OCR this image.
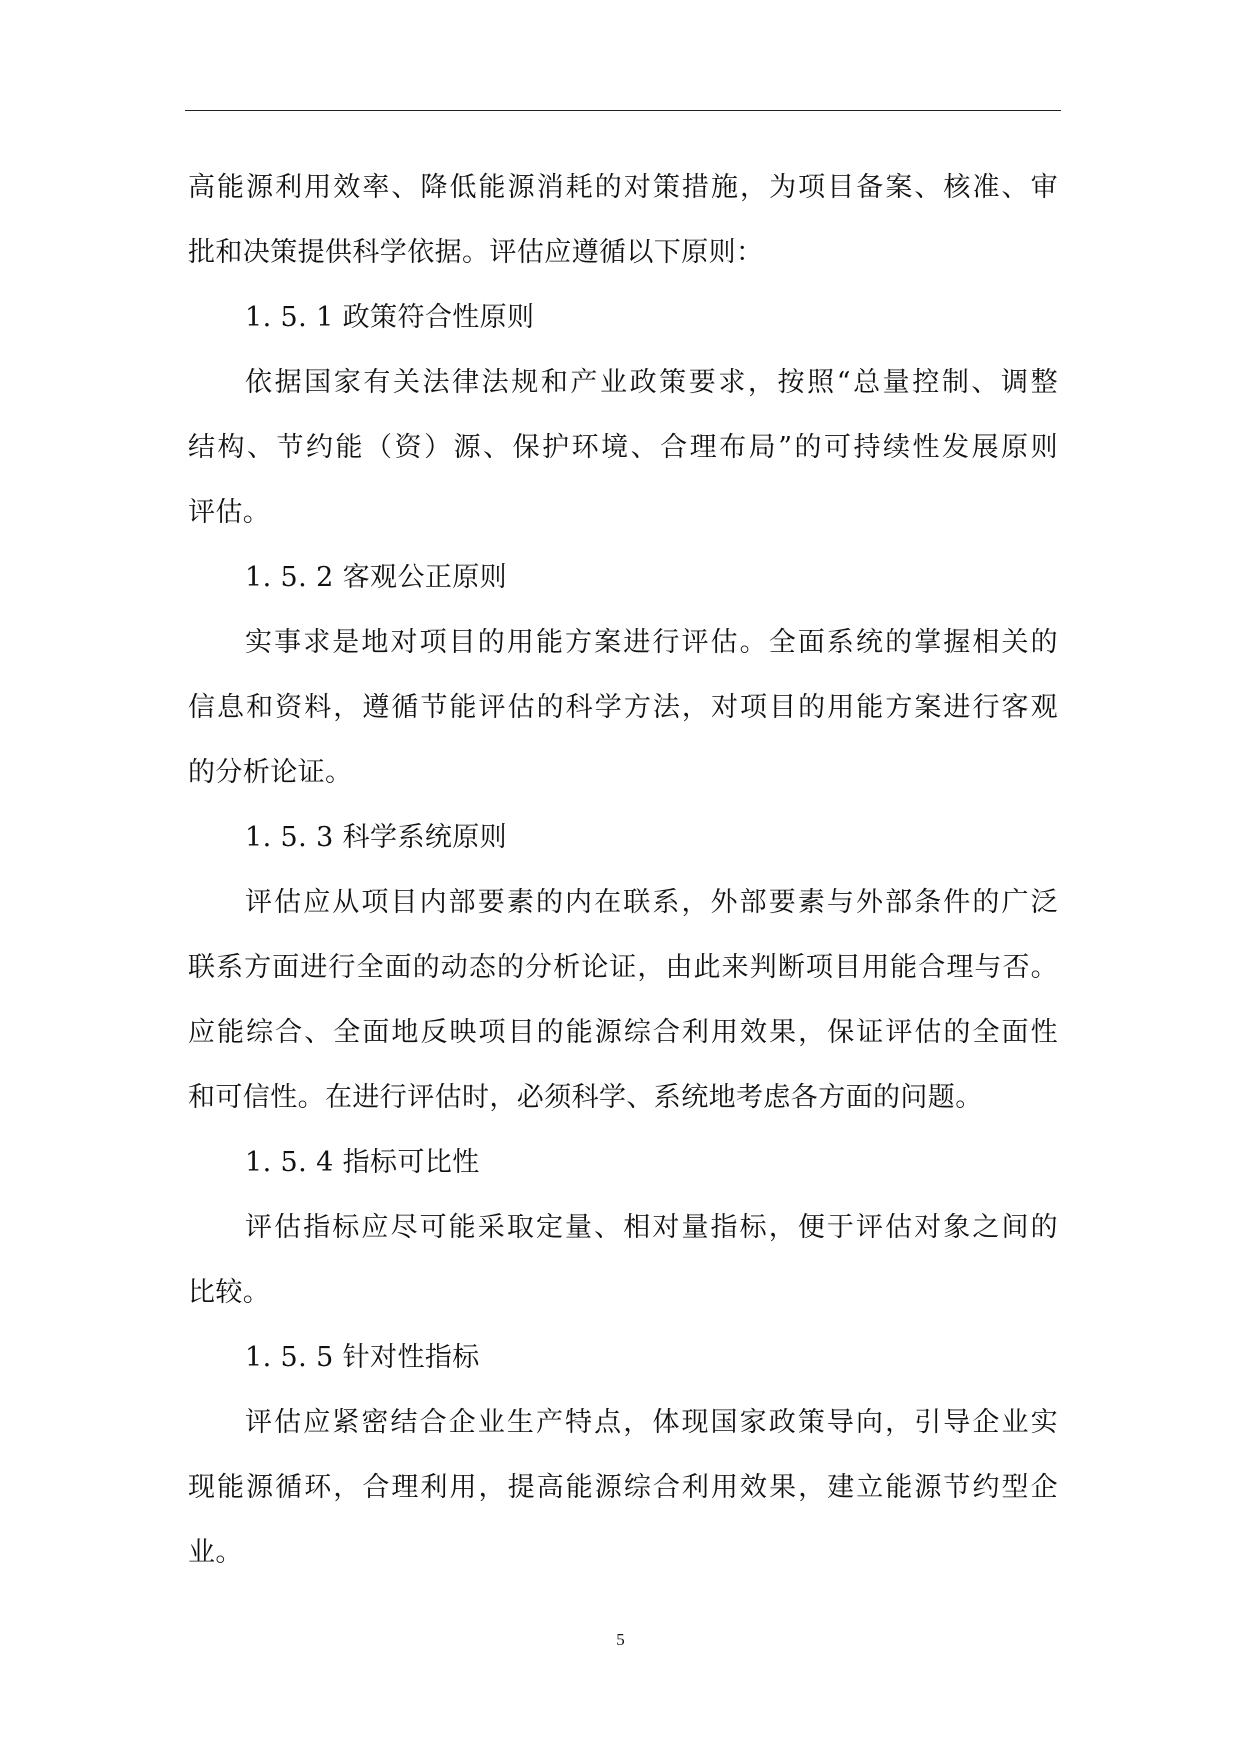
高能源利用效率、降低能源消耗的对策措施，为项目备案、核准、审
批和决策提供科学依据。评估应遵循以下原则：
1. 5. 1 政策符合性原则
依据国家有关法律法规和产业政策要求，按照“总量控制、调整
结构、节约能（资）源、保护环境、合理布局”的可持续性发展原则
评估。
1. 5. 2 客观公正原则
实事求是地对项目的用能方案进行评估。全面系统的掌握相关的
信息和资料，遵循节能评估的科学方法，对项目的用能方案进行客观
的分析论证。
1. 5. 3 科学系统原则
评估应从项目内部要素的内在联系，外部要素与外部条件的广泛
联系方面进行全面的动态的分析论证，由此来判断项目用能合理与否。
应能综合、全面地反映项目的能源综合利用效果，保证评估的全面性
和可信性。在进行评估时，必须科学、系统地考虑各方面的问题。
1. 5. 4 指标可比性
评估指标应尽可能采取定量、相对量指标，便于评估对象之间的
比较。
1. 5. 5 针对性指标
评估应紧密结合企业生产特点，体现国家政策导向，引导企业实
现能源循环，合理利用，提高能源综合利用效果，建立能源节约型企
业。
5
